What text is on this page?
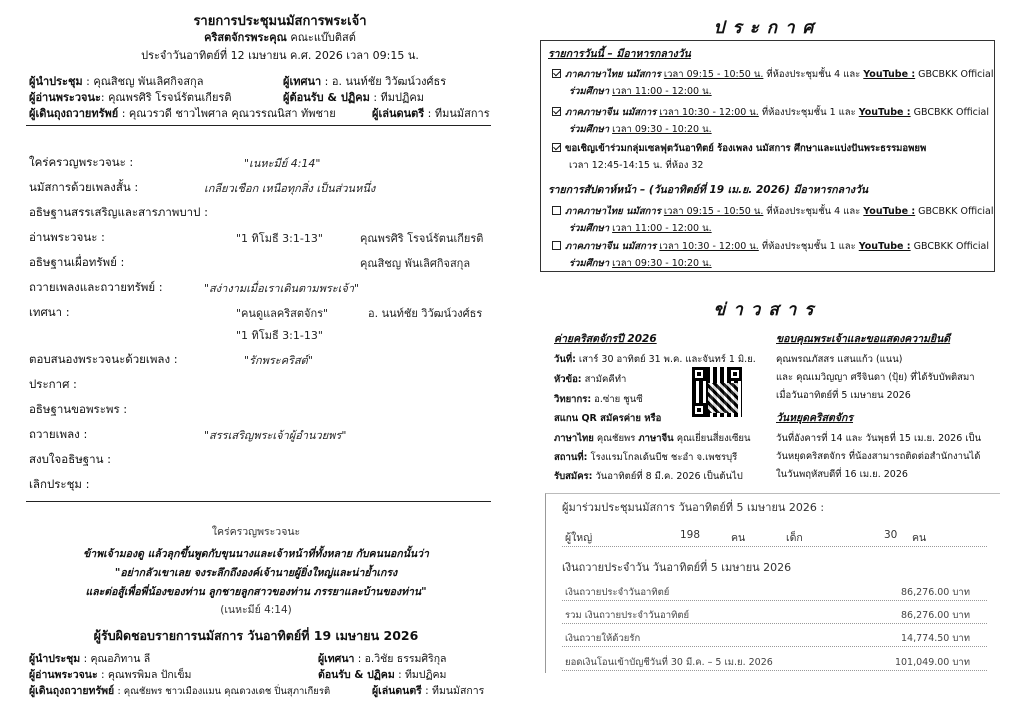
รายการประชุมนมัสการพระเจ้า
คริสตจักรพระคุณ คณะแบ๊บติสต์
ประจำวันอาทิตย์ที่ 12 เมษายน ค.ศ. 2026 เวลา 09:15 น.
ผู้นำประชุม : คุณสิชญ พันเลิศกิจสกุล
ผู้อ่านพระวจนะ: คุณพรศิริ โรจน์รัตนเกียรติ
ผู้เดินถุงถวายทรัพย์ : คุณวรวดี ชาวไพศาล คุณวรรณนิสา ทัพชาย
ผู้เทศนา : อ. นนท์ชัย วิวัฒน์วงศ์ธร
ผู้ต้อนรับ & ปฏิคม : ทีมปฏิคม
ผู้เล่นดนตรี : ทีมนมัสการ
ใคร่ครวญพระวจนะ :	"เนหะมีย์ 4:14"
นมัสการด้วยเพลงสั้น :	เกลียวเชือก เหนือทุกสิ่ง เป็นส่วนหนึ่ง
อธิษฐานสรรเสริญและสารภาพบาป :
อ่านพระวจนะ :	"1 ทิโมธี 3:1-13"	คุณพรศิริ โรจน์รัตนเกียรติ
อธิษฐานเผื่อทรัพย์ :	คุณสิชญ พันเลิศกิจสกุล
ถวายเพลงและถวายทรัพย์ :	"สง่างามเมื่อเราเดินตามพระเจ้า"
เทศนา :	"คนดูแลคริสตจักร"	อ. นนท์ชัย วิวัฒน์วงศ์ธร
"1 ทิโมธี 3:1-13"
ตอบสนองพระวจนะด้วยเพลง :	"รักพระคริสต์"
ประกาศ :
อธิษฐานขอพระพร :
ถวายเพลง :	"สรรเสริญพระเจ้าผู้อำนวยพร"
สงบใจอธิษฐาน :
เลิกประชุม :
ใคร่ครวญพระวจนะ
ข้าพเจ้ามองดู แล้วลุกขึ้นพูดกับขุนนางและเจ้าหน้าที่ทั้งหลาย กับคนนอกนั้นว่า
"อย่ากลัวเขาเลย จงระลึกถึงองค์เจ้านายผู้ยิ่งใหญ่และน่าย้ำเกรง
และต่อสู้เพื่อพี่น้องของท่าน ลูกชายลูกสาวของท่าน ภรรยาและบ้านของท่าน"
(เนหะมีย์ 4:14)
ผู้รับผิดชอบรายการนมัสการ วันอาทิตย์ที่ 19 เมษายน 2026
ผู้นำประชุม : คุณอภิทาน ลี
ผู้อ่านพระวจนะ : คุณพรพิมล ปักเข็ม
ผู้เดินถุงถวายทรัพย์ : คุณชัยพร ชาวเมืองแมน คุณดวงเดช ปิ่นสุภาเกียรติ
ผู้เทศนา : อ.วิชัย ธรรมศิริกุล
ต้อนรับ & ปฏิคม : ทีมปฏิคม
ผู้เล่นดนตรี : ทีมนมัสการ
ประกาศ
รายการวันนี้ – มีอาหารกลางวัน
ภาคภาษาไทย นมัสการ เวลา 09:15 - 10:50 น. ที่ห้องประชุมชั้น 4 และ YouTube : GBCBKK Official
ร่วมศึกษา เวลา 11:00 - 12:00 น.
ภาคภาษาจีน นมัสการ เวลา 10:30 - 12:00 น. ที่ห้องประชุมชั้น 1 และ YouTube : GBCBKK Official
ร่วมศึกษา เวลา 09:30 - 10:20 น.
ขอเชิญเข้าร่วมกลุ่มเซลฟุตวันอาทิตย์ ร้องเพลง นมัสการ ศึกษาและแบ่งปันพระธรรมอพยพ
เวลา 12:45-14:15 น. ที่ห้อง 32
รายการสัปดาห์หน้า – (วันอาทิตย์ที่ 19 เม.ย. 2026) มีอาหารกลางวัน
ภาคภาษาไทย นมัสการ เวลา 09:15 - 10:50 น. ที่ห้องประชุมชั้น 4 และ YouTube : GBCBKK Official
ร่วมศึกษา เวลา 11:00 - 12:00 น.
ภาคภาษาจีน นมัสการ เวลา 10:30 - 12:00 น. ที่ห้องประชุมชั้น 1 และ YouTube : GBCBKK Official
ร่วมศึกษา เวลา 09:30 - 10:20 น.
ข่าวสาร
ค่ายคริสตจักรปี 2026
วันที่: เสาร์ 30 อาทิตย์ 31 พ.ค. และจันทร์ 1 มิ.ย.
หัวข้อ: สามัคคีทำ
วิทยากร: อ.ซ่าย ชูนซี
สแกน QR สมัครค่าย หรือ
ภาษาไทย คุณชัยพร ภาษาจีน คุณเยี่ยนสี่ยงเซียน
สถานที่: โรงแรมโกลเด้นบีช ชะอำ จ.เพชรบุรี
รับสมัคร: วันอาทิตย์ที่ 8 มี.ค. 2026 เป็นต้นไป
ขอบคุณพระเจ้าและขอแสดงความยินดี
คุณพรณภัสสร แสนแก้ว (แนน)
และ คุณเมวิญญา ศรีจินดา (ปุ้ย) ที่ได้รับบัพติสมา
เมื่อวันอาทิตย์ที่ 5 เมษายน 2026
วันหยุดคริสตจักร
วันที่อังคารที่ 14 และ วันพุธที่ 15 เม.ย. 2026 เป็น
วันหยุดคริสตจักร ที่น้องสามารถติดต่อสำนักงานได้
ในวันพฤหัสบดีที่ 16 เม.ย. 2026
ผู้มาร่วมประชุมนมัสการ วันอาทิตย์ที่ 5 เมษายน 2026 :
ผู้ใหญ่	198	คน	เด็ก	30 คน
เงินถวายประจำวัน วันอาทิตย์ที่ 5 เมษายน 2026
เงินถวายประจำวันอาทิตย์	86,276.00 บาท
รวม เงินถวายประจำวันอาทิตย์	86,276.00 บาท
เงินถวายให้ด้วยรัก	14,774.50 บาท
ยอดเงินโอนเข้าบัญชีวันที่ 30 มี.ค. – 5 เม.ย. 2026	101,049.00 บาท
